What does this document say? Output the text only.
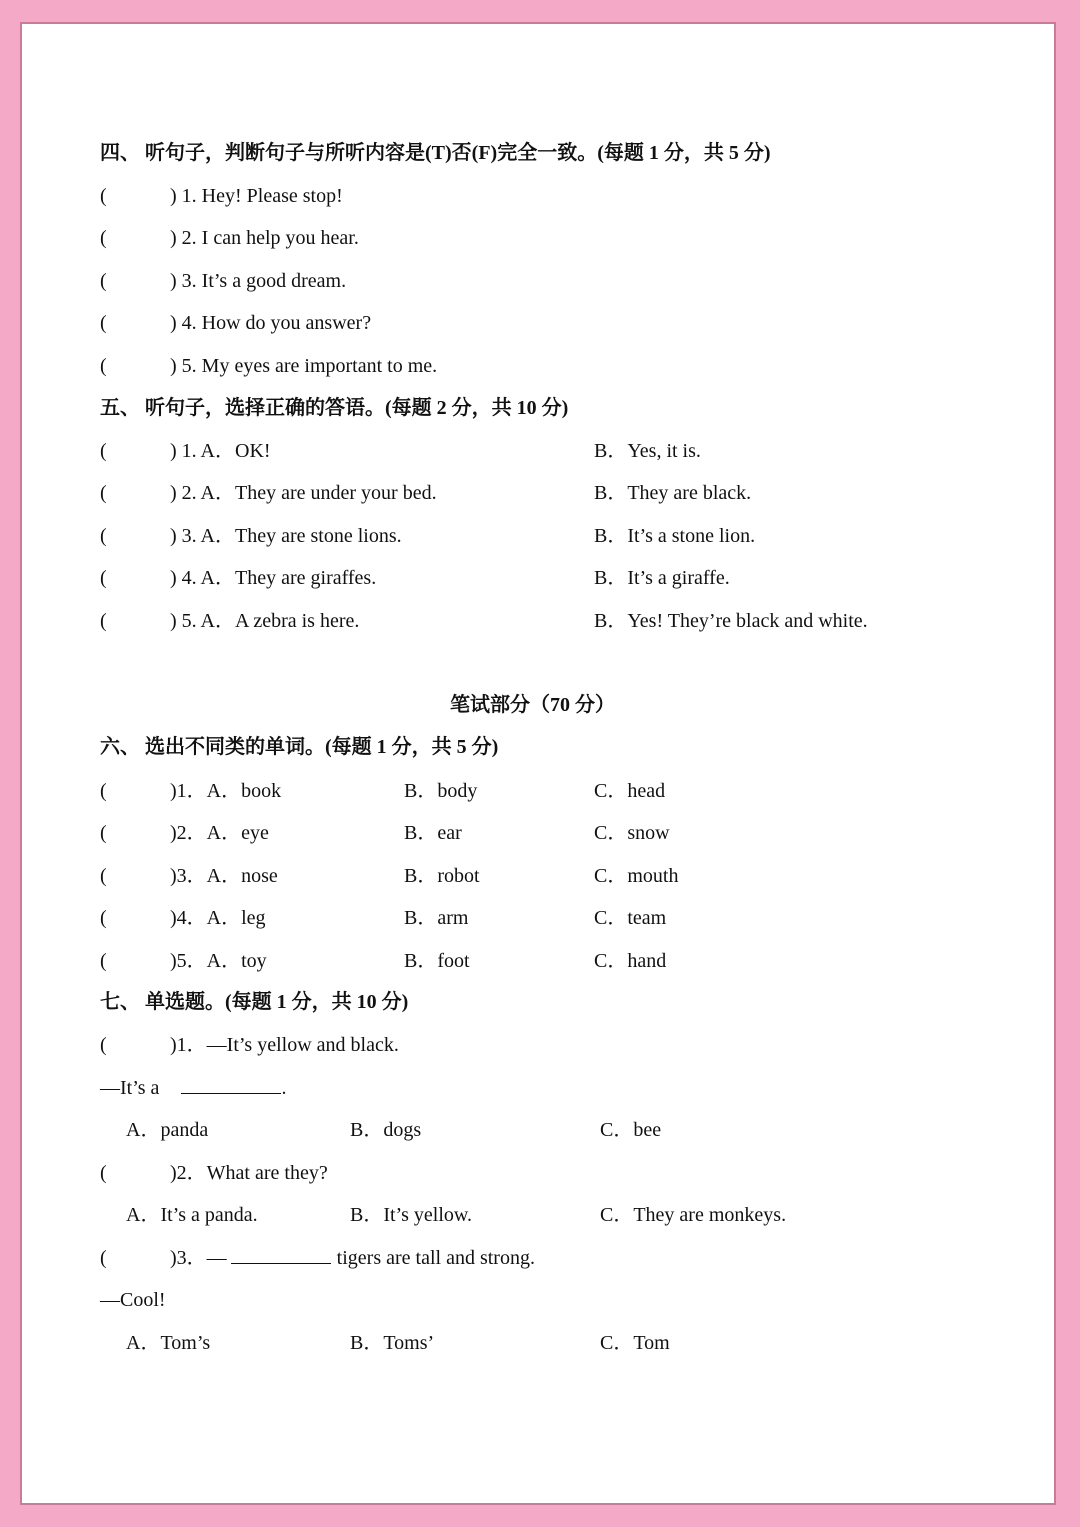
四、 听句子，判断句子与所听内容是(T)否(F)完全一致。(每题 1 分，共 5 分)
(	) 1. Hey! Please stop!
(	) 2. I can help you hear.
(	) 3. It’s a good dream.
(	) 4. How do you answer?
(	) 5. My eyes are important to me.
五、 听句子，选择正确的答语。(每题 2 分，共 10 分)
(	) 1. A．OK!	B．Yes, it is.
(	) 2. A．They are under your bed.	B．They are black.
(	) 3. A．They are stone lions.	B．It’s a stone lion.
(	) 4. A．They are giraffes.	B．It’s a giraffe.
(	) 5. A．A zebra is here.	B．Yes! They’re black and white.
笔试部分（70 分）
六、 选出不同类的单词。(每题 1 分，共 5 分)
(	)1．A．book	B．body	C．head
(	)2．A．eye	B．ear	C．snow
(	)3．A．nose	B．robot	C．mouth
(	)4．A．leg	B．arm	C．team
(	)5．A．toy	B．foot	C．hand
七、 单选题。(每题 1 分，共 10 分)
(	)1．—It’s yellow and black.
—It’s a	.
A．panda	B．dogs	C．bee
(	)2．What are they?
A．It’s a panda.	B．It’s yellow.	C．They are monkeys.
(	)3．—	tigers are tall and strong.
—Cool!
A．Tom’s	B．Toms’	C．Tom
